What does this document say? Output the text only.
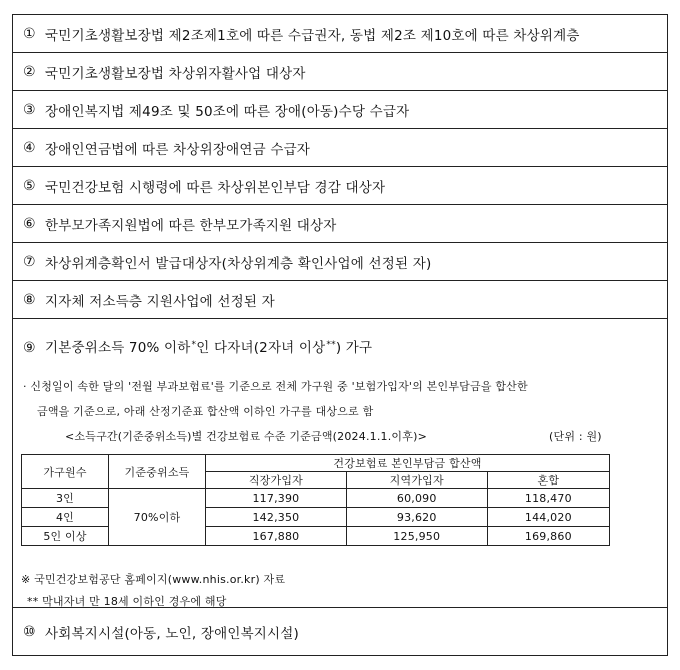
① 국민기초생활보장법 제2조제1호에 따른 수급권자, 동법 제2조 제10호에 따른 차상위계층
② 국민기초생활보장법 차상위자활사업 대상자
③ 장애인복지법 제49조 및 50조에 따른 장애(아동)수당 수급자
④ 장애인연금법에 따른 차상위장애연금 수급자
⑤ 국민건강보험 시행령에 따른 차상위본인부담 경감 대상자
⑥ 한부모가족지원법에 따른 한부모가족지원 대상자
⑦ 차상위계층확인서 발급대상자(차상위계층 확인사업에 선정된 자)
⑧ 지자체 저소득층 지원사업에 선정된 자
⑨ 기본중위소득 70% 이하*인 다자녀(2자녀 이상**) 가구
· 신청일이 속한 달의 '전월 부과보험료'를 기준으로 전체 가구원 중 '보험가입자'의 본인부담금을 합산한
금액을 기준으로, 아래 산정기준표 합산액 이하인 가구를 대상으로 함
<소득구간(기준중위소득)별 건강보험료 수준 기준금액(2024.1.1.이후)>	(단위 : 원)
가구원수	기준중위소득	건강보험료 본인부담금 합산액		
		직장가입자	지역가입자	혼합
3인	70%이하	117,390	60,090	118,470
4인		142,350	93,620	144,020
5인 이상		167,880	125,950	169,860
※ 국민건강보험공단 홈페이지(www.nhis.or.kr) 자료
** 막내자녀 만 18세 이하인 경우에 해당
⑩ 사회복지시설(아동, 노인, 장애인복지시설)
